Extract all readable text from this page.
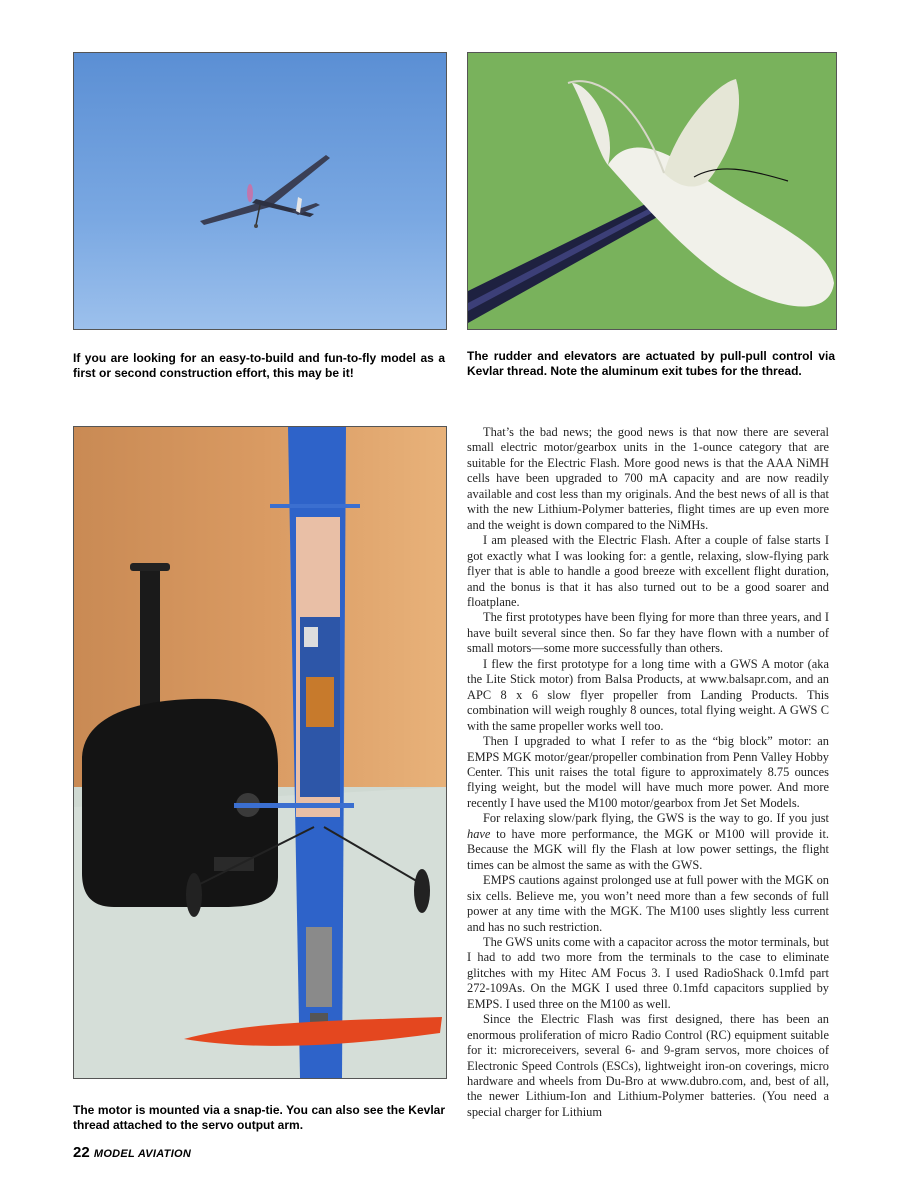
If you are looking for an easy-to-build and fun-to-fly model as a first or second construction effort, this may be it!
The rudder and elevators are actuated by pull-pull control via Kevlar thread. Note the aluminum exit tubes for the thread.
The motor is mounted via a snap-tie. You can also see the Kevlar thread attached to the servo output arm.

That’s the bad news; the good news is that now there are several small electric motor/gearbox units in the 1-ounce category that are suitable for the Electric Flash. More good news is that the AAA NiMH cells have been upgraded to 700 mA capacity and are now readily available and cost less than my originals. And the best news of all is that with the new Lithium-Polymer batteries, flight times are up even more and the weight is down compared to the NiMHs.

I am pleased with the Electric Flash. After a couple of false starts I got exactly what I was looking for: a gentle, relaxing, slow-flying park flyer that is able to handle a good breeze with excellent flight duration, and the bonus is that it has also turned out to be a good soarer and floatplane.

The first prototypes have been flying for more than three years, and I have built several since then. So far they have flown with a number of small motors—some more successfully than others.

I flew the first prototype for a long time with a GWS A motor (aka the Lite Stick motor) from Balsa Products, at www.balsapr.com, and an APC 8 x 6 slow flyer propeller from Landing Products. This combination will weigh roughly 8 ounces, total flying weight. A GWS C with the same propeller works well too.

Then I upgraded to what I refer to as the “big block” motor: an EMPS MGK motor/gear/propeller combination from Penn Valley Hobby Center. This unit raises the total figure to approximately 8.75 ounces flying weight, but the model will have much more power. And more recently I have used the M100 motor/gearbox from Jet Set Models.

For relaxing slow/park flying, the GWS is the way to go. If you just have to have more performance, the MGK or M100 will provide it. Because the MGK will fly the Flash at low power settings, the flight times can be almost the same as with the GWS.

EMPS cautions against prolonged use at full power with the MGK on six cells. Believe me, you won’t need more than a few seconds of full power at any time with the MGK. The M100 uses slightly less current and has no such restriction.

The GWS units come with a capacitor across the motor terminals, but I had to add two more from the terminals to the case to eliminate glitches with my Hitec AM Focus 3. I used RadioShack 0.1mfd part 272-109As. On the MGK I used three 0.1mfd capacitors supplied by EMPS. I used three on the M100 as well.

Since the Electric Flash was first designed, there has been an enormous proliferation of micro Radio Control (RC) equipment suitable for it: microreceivers, several 6- and 9-gram servos, more choices of Electronic Speed Controls (ESCs), lightweight iron-on coverings, micro hardware and wheels from Du-Bro at www.dubro.com, and, best of all, the newer Lithium-Ion and Lithium-Polymer batteries. (You need a special charger for Lithium

22 MODEL AVIATION
